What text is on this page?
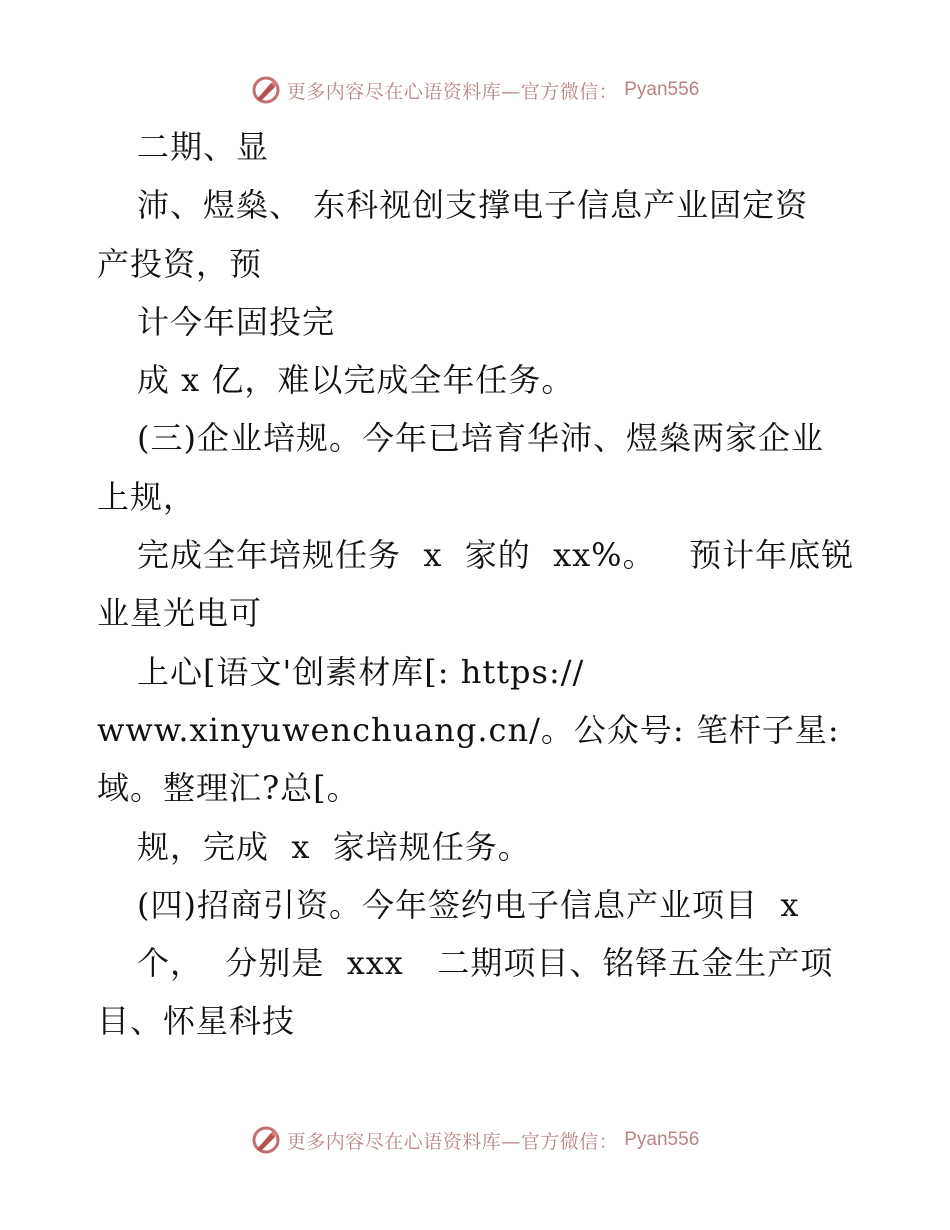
更多内容尽在心语资料库—官方微信： Pyan556
二期、显
沛、煜燊、 东科视创支撑电子信息产业固定资
产投资，预
计今年固投完
成 x 亿，难以完成全年任务。
(三)企业培规。今年已培育华沛、煜燊两家企业
上规，
完成全年培规任务  x  家的  xx%。   预计年底锐
业星光电可
上心[语文'创素材库[: https://
www.xinyuwenchuang.cn/。公众号: 笔杆子星:
域。整理汇?总[。
规，完成  x  家培规任务。
(四)招商引资。今年签约电子信息产业项目  x
个，  分别是  xxx   二期项目、铭铎五金生产项
目、怀星科技
更多内容尽在心语资料库—官方微信： Pyan556
